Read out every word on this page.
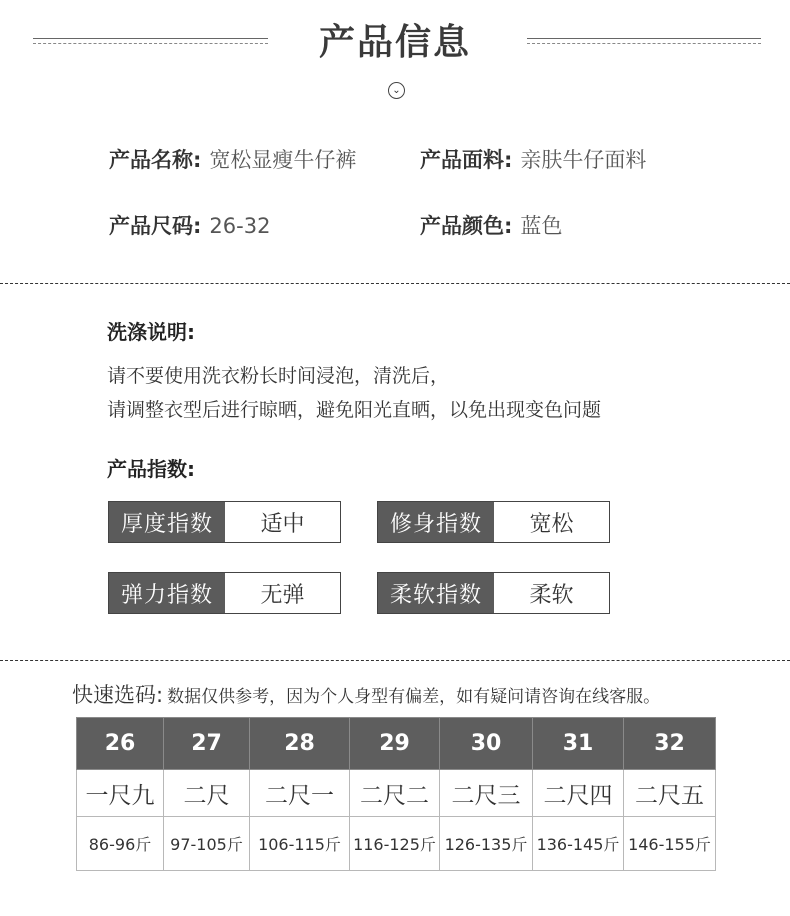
产品信息
⌄
产品名称: 宽松显瘦牛仔裤	产品面料: 亲肤牛仔面料
产品尺码: 26-32	产品颜色: 蓝色
洗涤说明:
请不要使用洗衣粉长时间浸泡，清洗后，
请调整衣型后进行晾晒，避免阳光直晒，以免出现变色问题
产品指数:
厚度指数	适中	修身指数	宽松
弹力指数	无弹	柔软指数	柔软
快速选码: 数据仅供参考，因为个人身型有偏差，如有疑问请咨询在线客服。
26	27	28	29	30	31	32
一尺九	二尺	二尺一	二尺二	二尺三	二尺四	二尺五
86-96斤	97-105斤	106-115斤	116-125斤	126-135斤	136-145斤	146-155斤
